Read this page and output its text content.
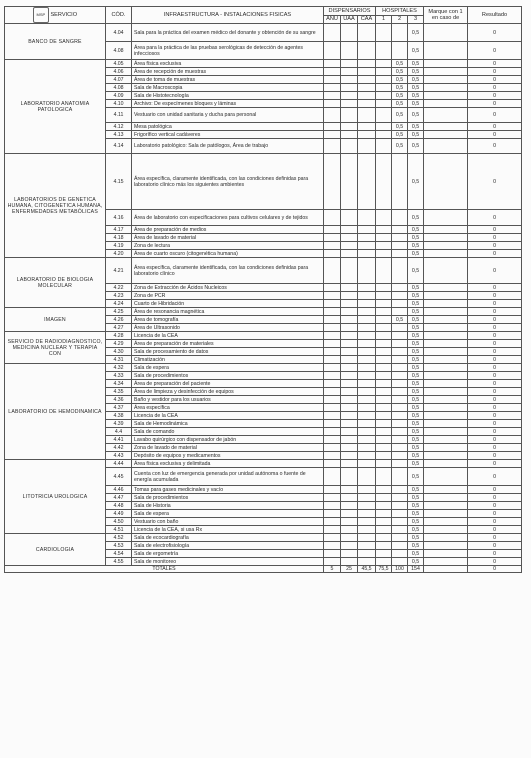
MSP SERVICIO	CÓD.	INFRAESTRUCTURA - INSTALACIONES FISICAS	DISPENSARIOS			HOSPITALES			Marque con 1 en caso de	Resultado
			ANU	UAA	CAA	1	2	3		
BANCO DE SANGRE	4.04	Sala para la práctica del examen médico del donante y obtención de su sangre						0,5		0
	4.08	Área para la práctica de las pruebas serológicas de detección de agentes infecciosos						0,5		0
LABORATORIO ANATOMIA PATOLOGICA	4.05	Área física exclusiva					0,5	0,5		0
	4.06	Área de recepción de muestras					0,5	0,5		0
	4.07	Área de toma de muestras					0,5	0,5		0
	4.08	Sala de Macroscopia					0,5	0,5		0
	4.09	Sala de Histotecnología					0,5	0,5		0
	4.10	Archivo: De especímenes bloques y láminas					0,5	0,5		0
	4.11	Vestuario con unidad sanitaria y ducha para personal					0,5	0,5		0
	4.12	Mesa patológica					0,5	0,5		0
	4.13	Frigorífico vertical cadáveres					0,5	0,5		0
	4.14	Laboratorio patológico: Sala de patólogos, Área de trabajo					0,5	0,5		0
LABORATORIOS DE GENETICA HUMANA, CITOGENETICA HUMANA, ENFERMEDADES METABÓLICAS	4.15	Área específica, claramente identificada, con las condiciones definidas para laboratorio clínico más los siguientes ambientes						0,5		0
	4.16	Área de laboratorio con especificaciones para cultivos celulares y de tejidos						0,5		0
	4.17	Área de preparación de medios						0,5		0
	4.18	Área de lavado de material						0,5		0
	4.19	Zona de lectura						0,5		0
	4.20	Área de cuarto oscuro (citogenética humana)						0,5		0
LABORATORIO DE BIOLOGIA MOLECULAR	4.21	Área específica, claramente identificada, con las condiciones definidas para laboratorio clínico						0,5		0
	4.22	Zona de Extracción de Ácidos Nucleicos						0,5		0
	4.23	Zona de PCR						0,5		0
	4.24	Cuarto de Hibridación						0,5		0
IMAGEN	4.25	Área de resonancia magnética						0,5		0
	4.26	Área de tomografía					0,5	0,5		0
	4.27	Área de Ultrasonido						0,5		0
SERVICIO DE RADIODIAGNOSTICO, MEDICINA NUCLEAR Y TERAPIA CON	4.28	Licencia de la CEA						0,5		0
	4.29	Área de preparación de materiales						0,5		0
	4.30	Sala de procesamiento de datos						0,5		0
	4.31	Climatización						0,5		0
LABORATORIO DE HEMODINAMICA	4.32	Sala de espera						0,5		0
	4.33	Sala de procedimientos						0,5		0
	4.34	Área de preparación del paciente						0,5		0
	4.35	Área de limpieza y desinfección de equipos						0,5		0
	4.36	Baño y vestidor para los usuarios						0,5		0
	4.37	Área específica						0,5		0
	4.38	Licencia de la CEA						0,5		0
	4.39	Sala de Hemodinámica						0,5		0
	4.4	Sala de comando						0,5		0
	4.41	Lavabo quirúrgico con dispensador de jabón						0,5		0
	4.42	Zona de lavado de material						0,5		0
	4.43	Depósito de equipos y medicamentos						0,5		0
LITOTRICIA UROLOGICA	4.44	Área física exclusiva y delimitada						0,5		0
	4.45	Cuenta con luz de emergencia generada por unidad autónoma o fuente de energía acumulada						0,5		0
	4.46	Tomas para gases medicinales y vacío						0,5		0
	4.47	Sala de procedimientos						0,5		0
	4.48	Sala de Historia						0,5		0
	4.49	Sala de espera						0,5		0
	4.50	Vestuario con baño						0,5		0
	4.51	Licencia de la CEA, si usa Rx						0,5		0
CARDIOLOGIA	4.52	Sala de ecocardiografía						0,5		0
	4.53	Sala de electrofisiología						0,5		0
	4.54	Sala de ergometría						0,5		0
	4.55	Sala de monitoreo						0,5		0
TOTALES			5	25	45,5	75,5	100	154		0
